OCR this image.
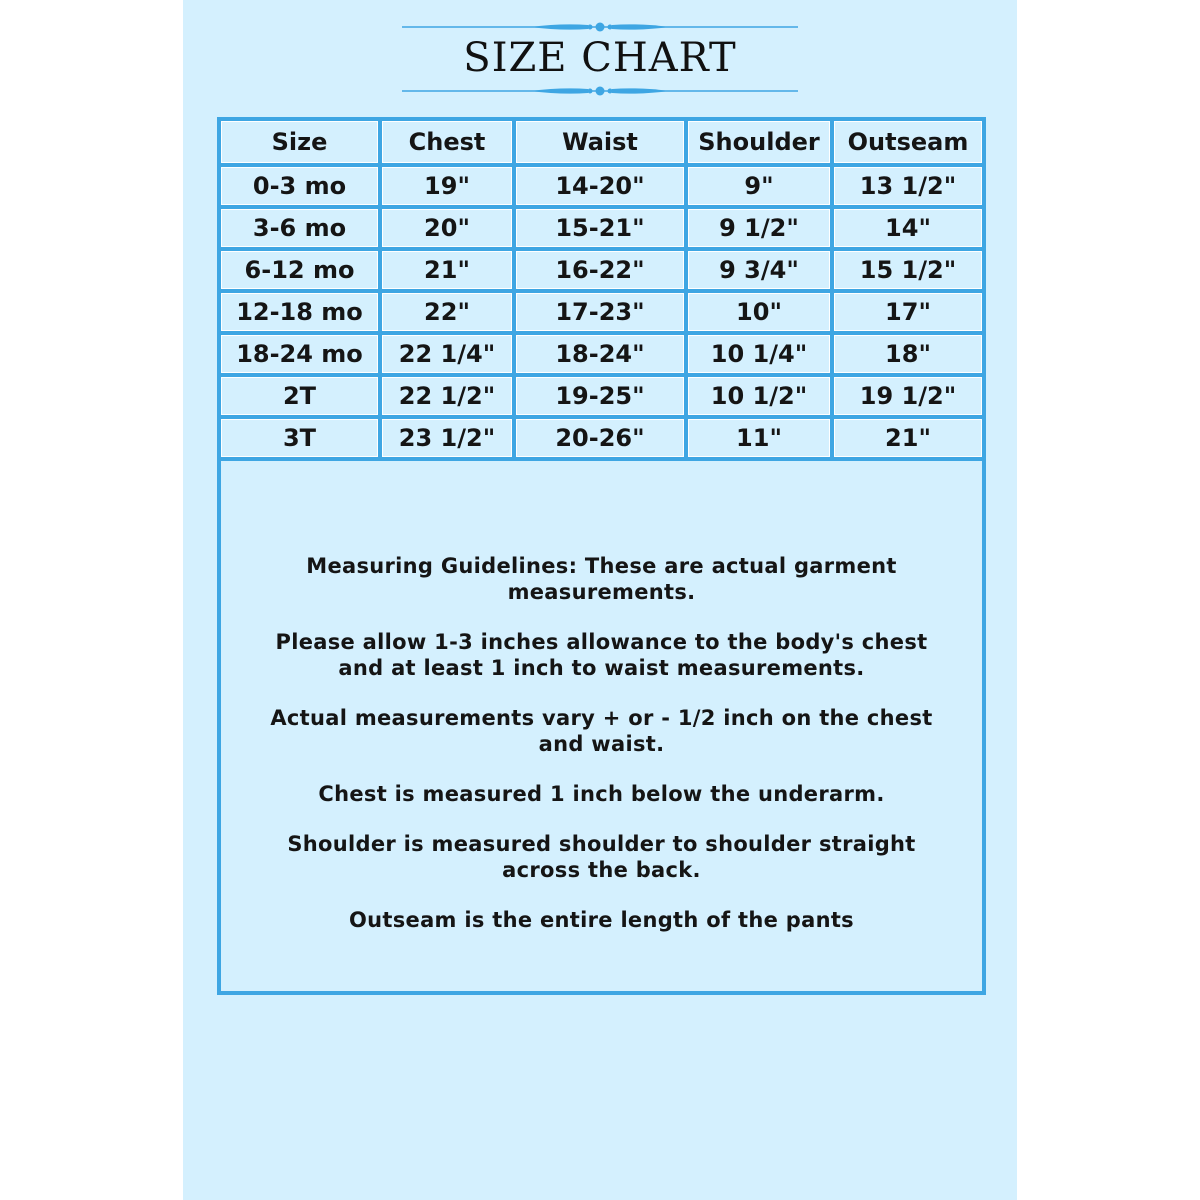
SIZE CHART
Size	Chest	Waist	Shoulder	Outseam
0-3 mo	19"	14-20"	9"	13 1/2"
3-6 mo	20"	15-21"	9 1/2"	14"
6-12 mo	21"	16-22"	9 3/4"	15 1/2"
12-18 mo	22"	17-23"	10"	17"
18-24 mo	22 1/4"	18-24"	10 1/4"	18"
2T	22 1/2"	19-25"	10 1/2"	19 1/2"
3T	23 1/2"	20-26"	11"	21"

Measuring Guidelines: These are actual garment measurements.

Please allow 1-3 inches allowance to the body's chest and at least 1 inch to waist measurements.

Actual measurements vary + or - 1/2 inch on the chest and waist.

Chest is measured 1 inch below the underarm.

Shoulder is measured shoulder to shoulder straight across the back.

Outseam is the entire length of the pants
